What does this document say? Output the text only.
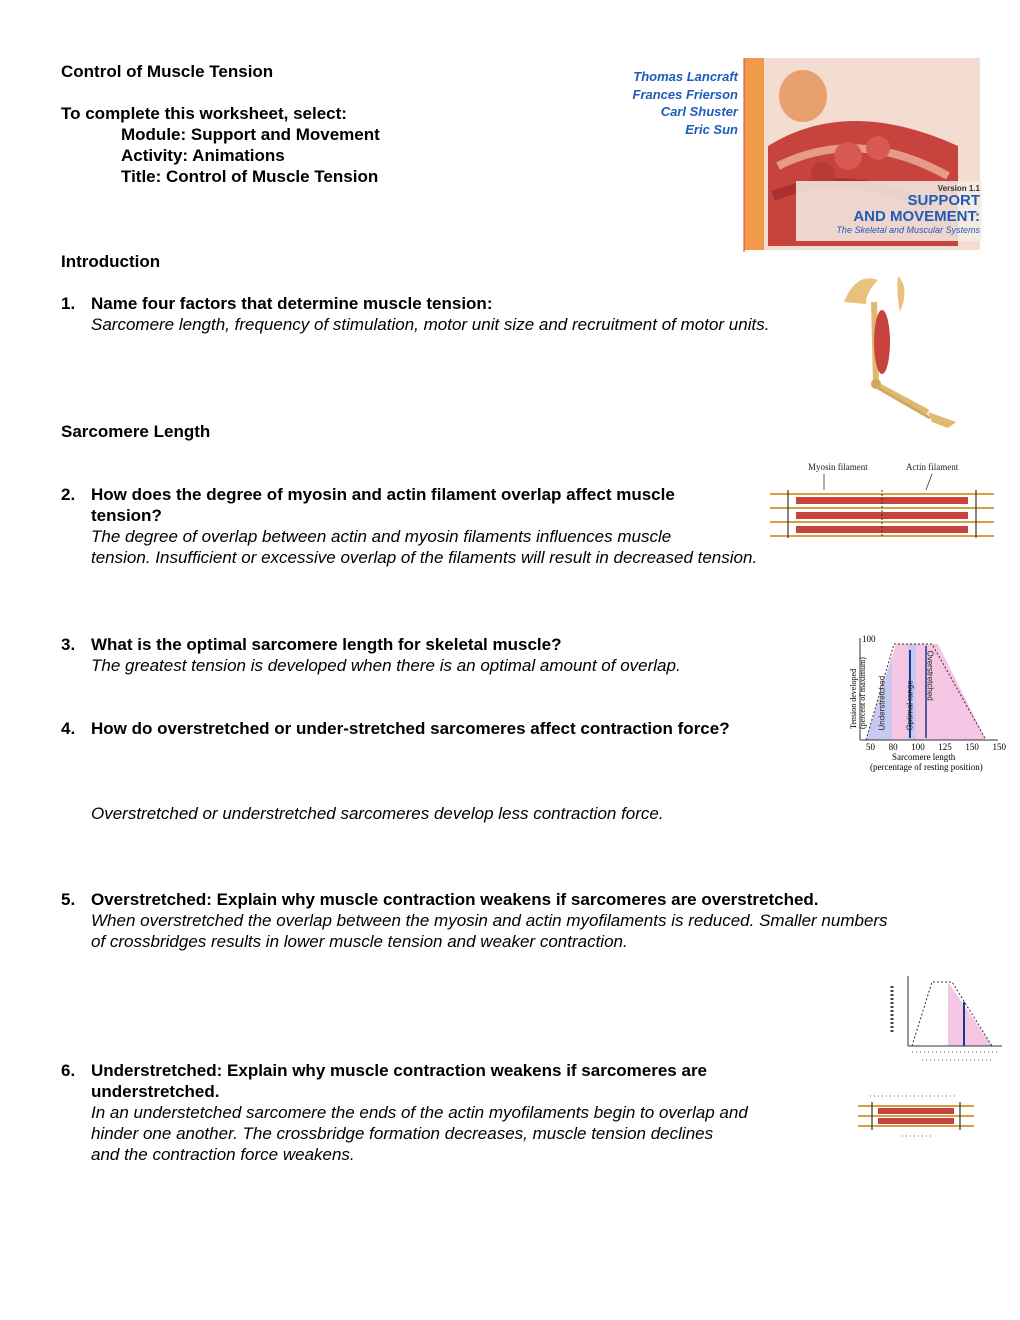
Control of Muscle Tension
To complete this worksheet, select:
Module: Support and Movement
Activity: Animations
Title: Control of Muscle Tension
Thomas Lancraft
Frances Frierson
Carl Shuster
Eric Sun
Version 1.1
SUPPORT
AND MOVEMENT:
The Skeletal and Muscular Systems
Introduction
1. Name four factors that determine muscle tension:
Sarcomere length, frequency of stimulation, motor unit size and recruitment of motor units.
Sarcomere Length
2. How does the degree of myosin and actin filament overlap affect muscle
tension?
The degree of overlap between actin and myosin filaments influences muscle
tension. Insufficient or excessive overlap of the filaments will result in decreased tension.
Myosin filament	Actin filament
3. What is the optimal sarcomere length for skeletal muscle?
The greatest tension is developed when there is an optimal amount of overlap.
4. How do overstretched or under-stretched sarcomeres affect contraction force?
Overstretched or understretched sarcomeres develop less contraction force.
Tension developed (percent of maximum)
100
50 80 100 125 150 150
Sarcomere length
(percentage of resting position)
Understretched Optimal range
Overstretched
5. Overstretched: Explain why muscle contraction weakens if sarcomeres are overstretched.
When overstretched the overlap between the myosin and actin myofilaments is reduced. Smaller numbers
of crossbridges results in lower muscle tension and weaker contraction.
6. Understretched: Explain why muscle contraction weakens if sarcomeres are
understretched.
In an understetched sarcomere the ends of the actin myofilaments begin to overlap and
hinder one another. The crossbridge formation decreases, muscle tension declines
and the contraction force weakens.
